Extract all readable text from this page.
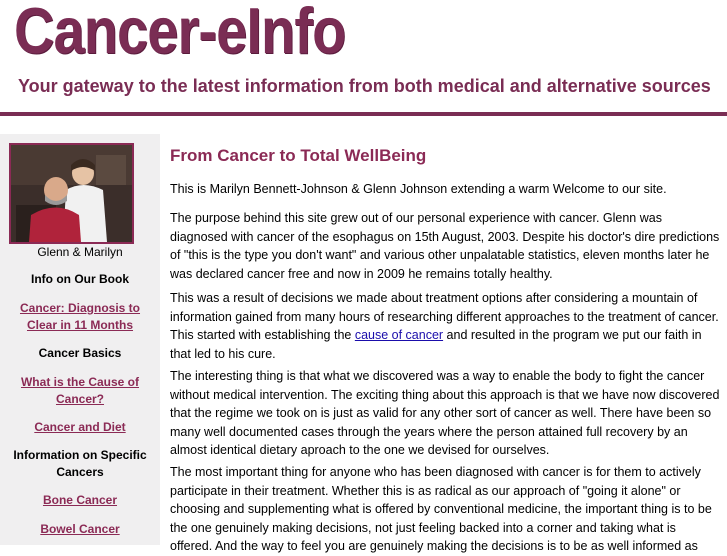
Cancer-eInfo
Your gateway to the latest information from both medical and alternative sources
Glenn & Marilyn
Info on Our Book
Cancer: Diagnosis to Clear in 11 Months
Cancer Basics
What is the Cause of Cancer?
Cancer and Diet
Information on Specific Cancers
Bone Cancer
Bowel Cancer
From Cancer to Total WellBeing

This is Marilyn Bennett-Johnson & Glenn Johnson extending a warm Welcome to our site.

The purpose behind this site grew out of our personal experience with cancer. Glenn was diagnosed with cancer of the esophagus on 15th August, 2003. Despite his doctor's dire predictions of "this is the type you don't want" and various other unpalatable statistics, eleven months later he was declared cancer free and now in 2009 he remains totally healthy.

This was a result of decisions we made about treatment options after considering a mountain of information gained from many hours of researching different approaches to the treatment of cancer. This started with establishing the cause of cancer and resulted in the program we put our faith in that led to his cure.

The interesting thing is that what we discovered was a way to enable the body to fight the cancer without medical intervention. The exciting thing about this approach is that we have now discovered that the regime we took on is just as valid for any other sort of cancer as well. There have been so many well documented cases through the years where the person attained full recovery by an almost identical dietary aproach to the one we devised for ourselves.

The most important thing for anyone who has been diagnosed with cancer is for them to actively participate in their treatment. Whether this is as radical as our approach of "going it alone" or choosing and supplementing what is offered by conventional medicine, the important thing is to be the one genuinely making decisions, not just feeling backed into a corner and taking what is offered. And the way to feel you are genuinely making the decisions is to be as well informed as
